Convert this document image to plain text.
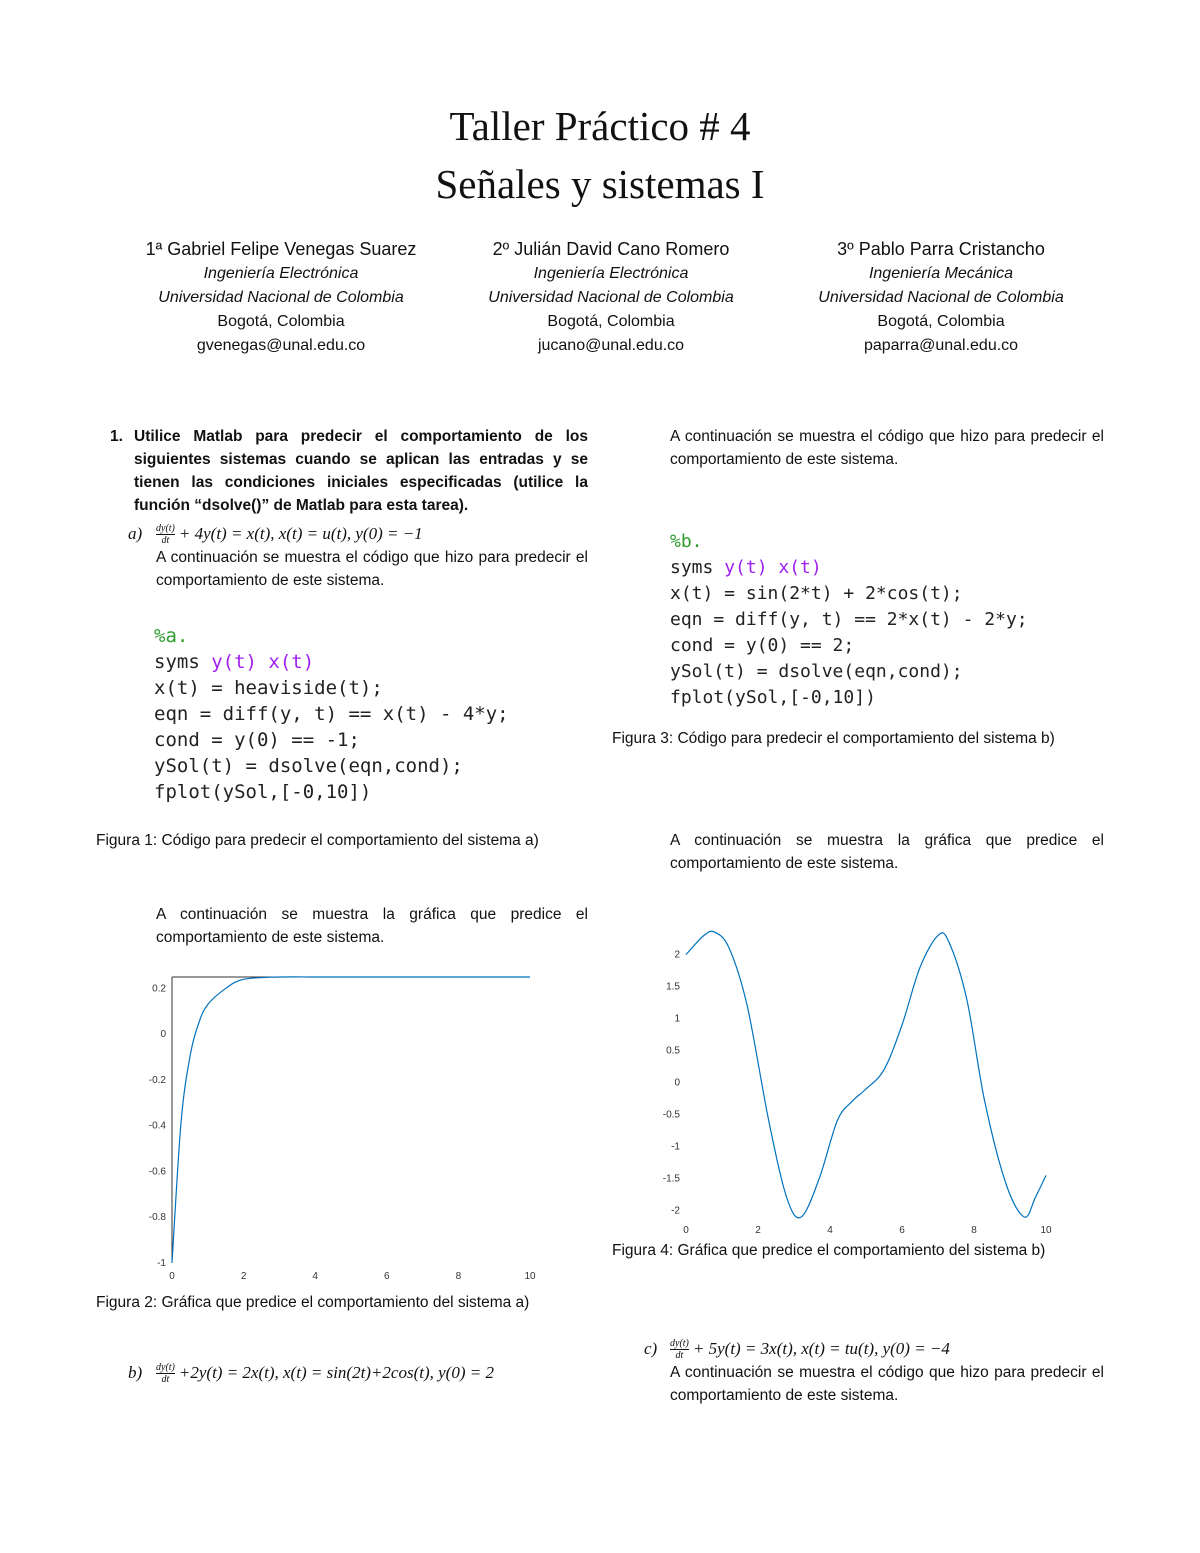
Taller Práctico # 4
Señales y sistemas I
1ª Gabriel Felipe Venegas Suarez
Ingeniería Electrónica
Universidad Nacional de Colombia
Bogotá, Colombia
gvenegas@unal.edu.co
2º Julián David Cano Romero
Ingeniería Electrónica
Universidad Nacional de Colombia
Bogotá, Colombia
jucano@unal.edu.co
3º Pablo Parra Cristancho
Ingeniería Mecánica
Universidad Nacional de Colombia
Bogotá, Colombia
paparra@unal.edu.co

1. Utilice Matlab para predecir el comportamiento de los siguientes sistemas cuando se aplican las entradas y se tienen las condiciones iniciales especificadas (utilice la función “dsolve()” de Matlab para esta tarea).

$a) \frac{dy(t)}{dt} + 4y(t) = x(t)$, x(t) = u(t), y(0) = −1

A continuación se muestra el código que hizo para predecir el comportamiento de este sistema.

%a.
syms y(t) x(t)
x(t) = heaviside(t);
eqn = diff(y, t) == x(t) - 4*y;
cond = y(0) == -1;
ySol(t) = dsolve(eqn,cond);
fplot(ySol,[-0,10])

Figura 1: Código para predecir el comportamiento del sistema a)

A continuación se muestra la gráfica que predice el comportamiento de este sistema.

0	2	4	6	8	10
0.2
0
-0.2
-0.4
-0.6
-0.8
-1

Figura 2: Gráfica que predice el comportamiento del sistema a)

$b) \frac{dy(t)}{dt} +2y(t) = 2x(t)$, x(t) = sin(2t)+2cos(t), y(0) = 2

A continuación se muestra el código que hizo para predecir el comportamiento de este sistema.

%b.
syms y(t) x(t)
x(t) = sin(2*t) + 2*cos(t);
eqn = diff(y, t) == 2*x(t) - 2*y;
cond = y(0) == 2;
ySol(t) = dsolve(eqn,cond);
fplot(ySol,[-0,10])

Figura 3: Código para predecir el comportamiento del sistema b)

A continuación se muestra la gráfica que predice el comportamiento de este sistema.

0	2	4	6	8	10
2
1.5
1
0.5
0
-0.5
-1
-1.5
-2

Figura 4: Gráfica que predice el comportamiento del sistema b)

$c) \frac{dy(t)}{dt} + 5y(t) = 3x(t)$, x(t) = tu(t), y(0) = −4

A continuación se muestra el código que hizo para predecir el comportamiento de este sistema.
